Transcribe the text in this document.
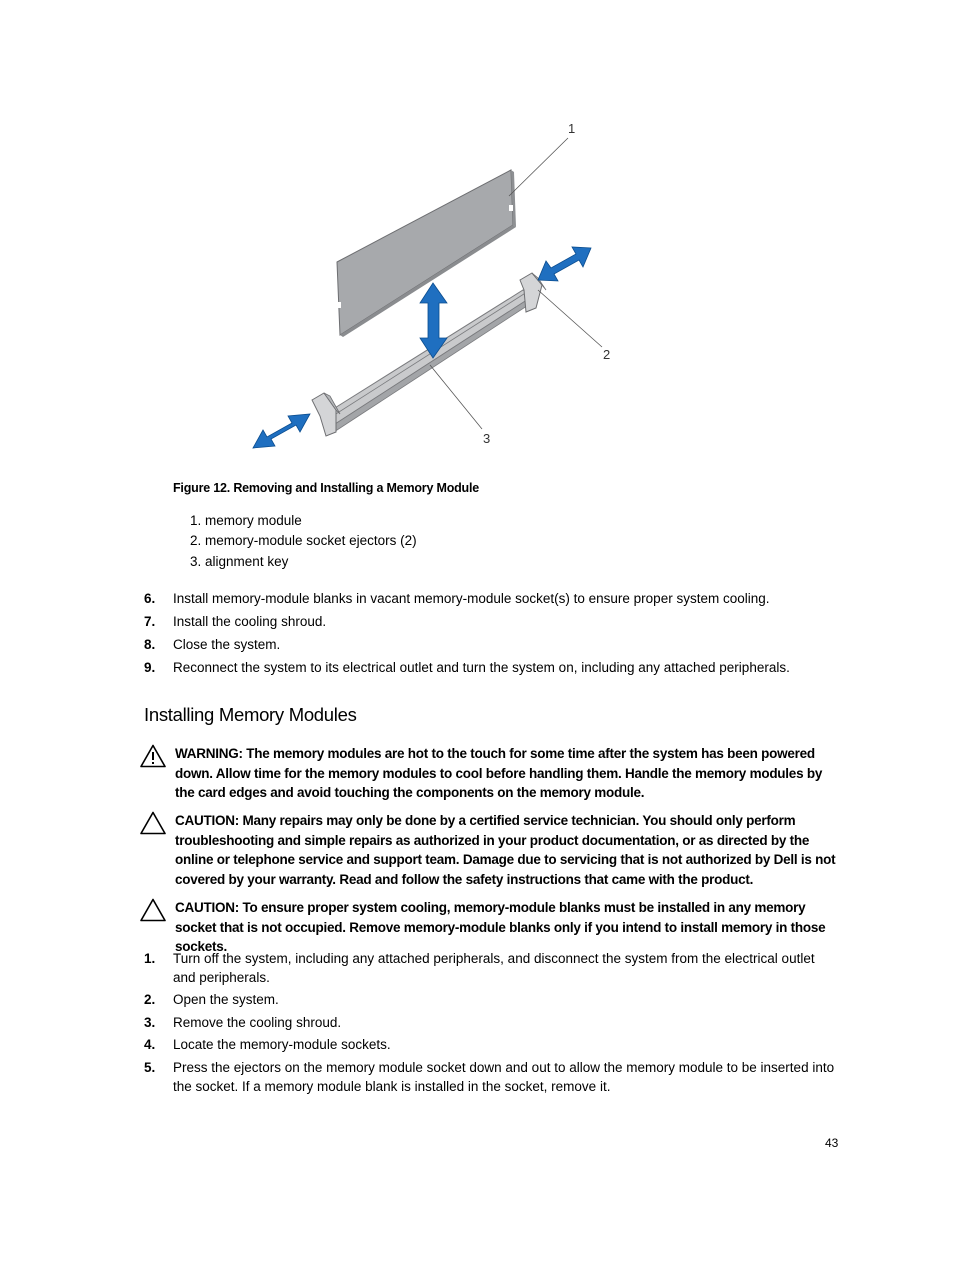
1
2
3
Figure 12. Removing and Installing a Memory Module
1. memory module
2. memory-module socket ejectors (2)
3. alignment key
6. Install memory-module blanks in vacant memory-module socket(s) to ensure proper system cooling.
7. Install the cooling shroud.
8. Close the system.
9. Reconnect the system to its electrical outlet and turn the system on, including any attached peripherals.
Installing Memory Modules
WARNING: The memory modules are hot to the touch for some time after the system has been powered down. Allow time for the memory modules to cool before handling them. Handle the memory modules by the card edges and avoid touching the components on the memory module.
CAUTION: Many repairs may only be done by a certified service technician. You should only perform troubleshooting and simple repairs as authorized in your product documentation, or as directed by the online or telephone service and support team. Damage due to servicing that is not authorized by Dell is not covered by your warranty. Read and follow the safety instructions that came with the product.
CAUTION: To ensure proper system cooling, memory-module blanks must be installed in any memory socket that is not occupied. Remove memory-module blanks only if you intend to install memory in those sockets.
1. Turn off the system, including any attached peripherals, and disconnect the system from the electrical outlet and peripherals.
2. Open the system.
3. Remove the cooling shroud.
4. Locate the memory-module sockets.
5. Press the ejectors on the memory module socket down and out to allow the memory module to be inserted into the socket. If a memory module blank is installed in the socket, remove it.
43
